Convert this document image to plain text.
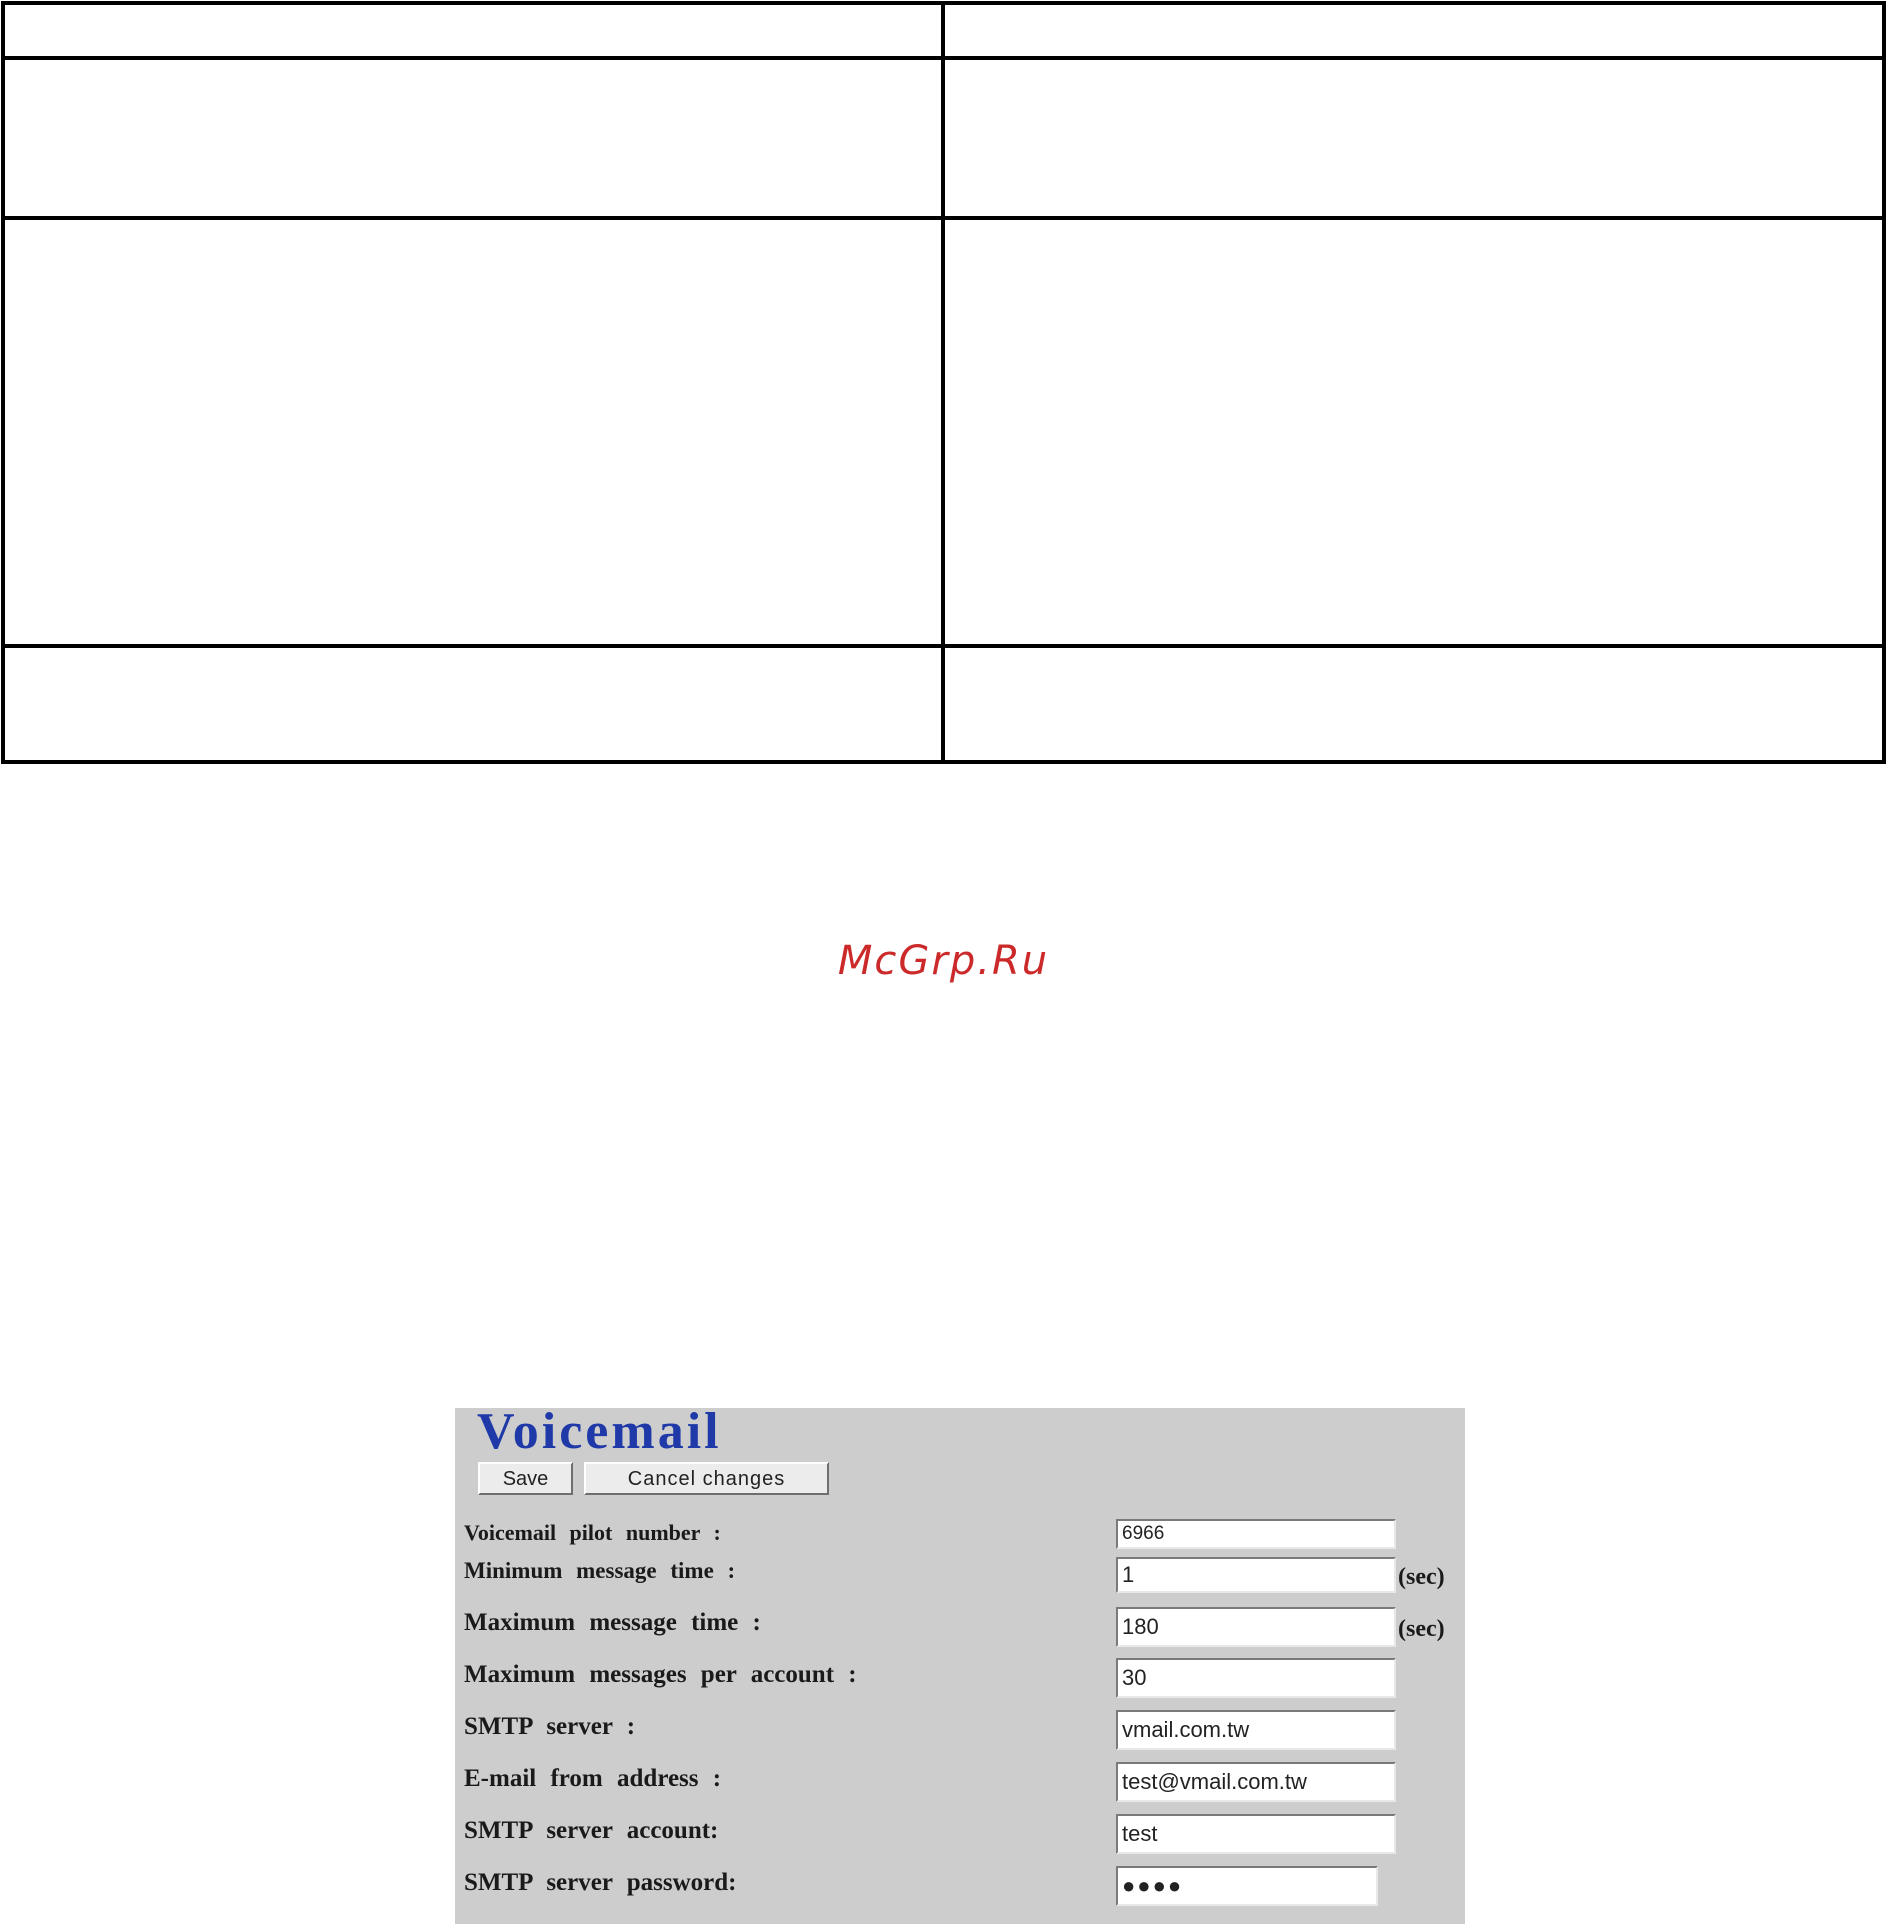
McGrp.Ru
Voicemail
Save	Cancel changes
Voicemail pilot number :	6966
Minimum message time :	1	(sec)
Maximum message time :	180	(sec)
Maximum messages per account :	30
SMTP server :	vmail.com.tw
E-mail from address :	test@vmail.com.tw
SMTP server account:	test
SMTP server password:	●●●●
